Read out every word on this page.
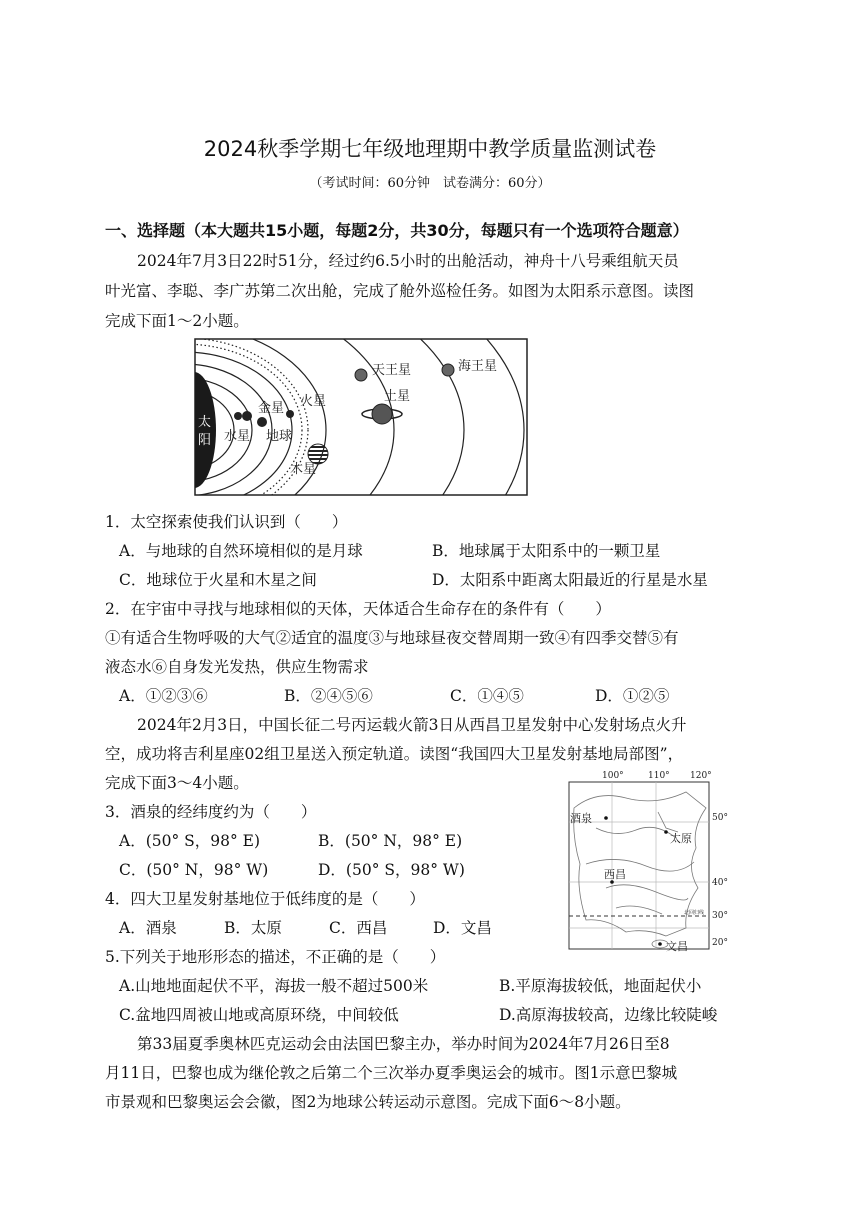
2024秋季学期七年级地理期中教学质量监测试卷
（考试时间：60分钟　试卷满分：60分）
一、选择题（本大题共15小题，每题2分，共30分，每题只有一个选项符合题意）
2024年7月3日22时51分，经过约6.5小时的出舱活动，神舟十八号乘组航天员
叶光富、李聪、李广苏第二次出舱，完成了舱外巡检任务。如图为太阳系示意图。读图
完成下面1～2小题。
太
阳 水星
金星
地球
火星
木星
土星
天王星	海王星
1．太空探索使我们认识到（　　）
A．与地球的自然环境相似的是月球	B．地球属于太阳系中的一颗卫星
C．地球位于火星和木星之间	D．太阳系中距离太阳最近的行星是水星
2．在宇宙中寻找与地球相似的天体，天体适合生命存在的条件有（　　）
①有适合生物呼吸的大气②适宜的温度③与地球昼夜交替周期一致④有四季交替⑤有
液态水⑥自身发光发热，供应生物需求
A．①②③⑥	B．②④⑤⑥	C．①④⑤	D．①②⑤
2024年2月3日，中国长征二号丙运载火箭3日从西昌卫星发射中心发射场点火升
空，成功将吉利星座02组卫星送入预定轨道。读图“我国四大卫星发射基地局部图”，
完成下面3～4小题。	100°	110° 120°
北回归线
50°
40°
30°
20°
酒泉
太原
西昌
文昌
3．酒泉的经纬度约为（　　）
A．(50° S，98° E)	B．(50° N，98° E)
C．(50° N，98° W)	D．(50° S，98° W)
4．四大卫星发射基地位于低纬度的是（　　）
A．酒泉	B．太原	C．西昌	D．文昌
5.下列关于地形形态的描述，不正确的是（　　）
A.山地地面起伏不平，海拔一般不超过500米	B.平原海拔较低，地面起伏小
C.盆地四周被山地或高原环绕，中间较低	D.高原海拔较高，边缘比较陡峻
第33届夏季奥林匹克运动会由法国巴黎主办，举办时间为2024年7月26日至8
月11日，巴黎也成为继伦敦之后第二个三次举办夏季奥运会的城市。图1示意巴黎城
市景观和巴黎奥运会会徽，图2为地球公转运动示意图。完成下面6～8小题。
